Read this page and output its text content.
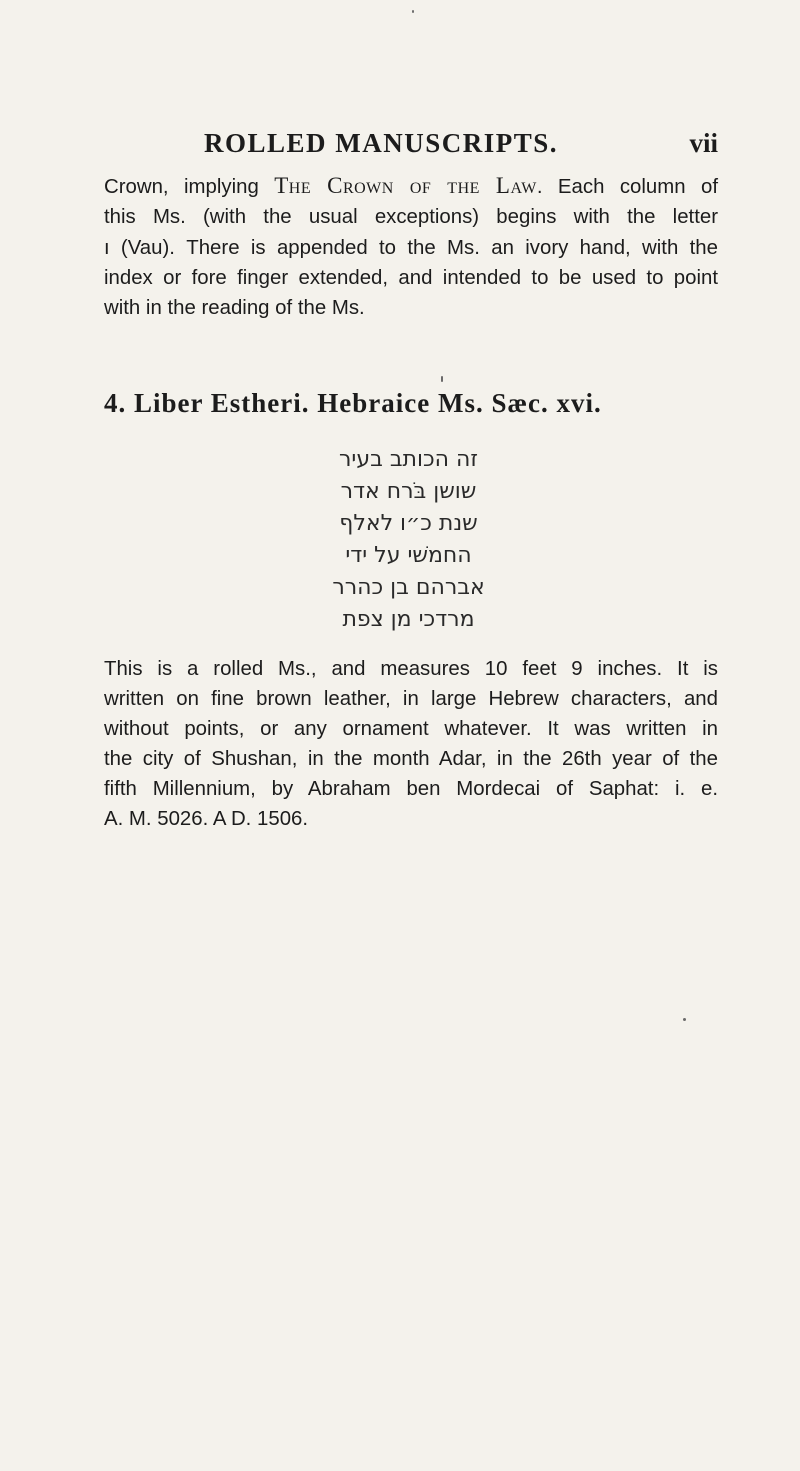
ROLLED MANUSCRIPTS.	vii

Crown, implying The Crown of the Law. Each column of
this Ms. (with the usual exceptions) begins with the letter
ו (Vau). There is appended to the Ms. an ivory hand, with the
index or fore finger extended, and intended to be used to point
with in the reading of the Ms.

4. Liber Estheri. Hebraice Ms. Sæc. xvi.
זה הכותב בעיר
שושן בֹּרח אדר
שנת כ״ו לאלף
החמשׁי על ידי
אברהם בן כהרר
מרדכי מן צפת

This is a rolled Ms., and measures 10 feet 9 inches. It is
written on fine brown leather, in large Hebrew characters, and
without points, or any ornament whatever. It was written in
the city of Shushan, in the month Adar, in the 26th year of the
fifth Millennium, by Abraham ben Mordecai of Saphat: i. e.
A. M. 5026. A D. 1506.
